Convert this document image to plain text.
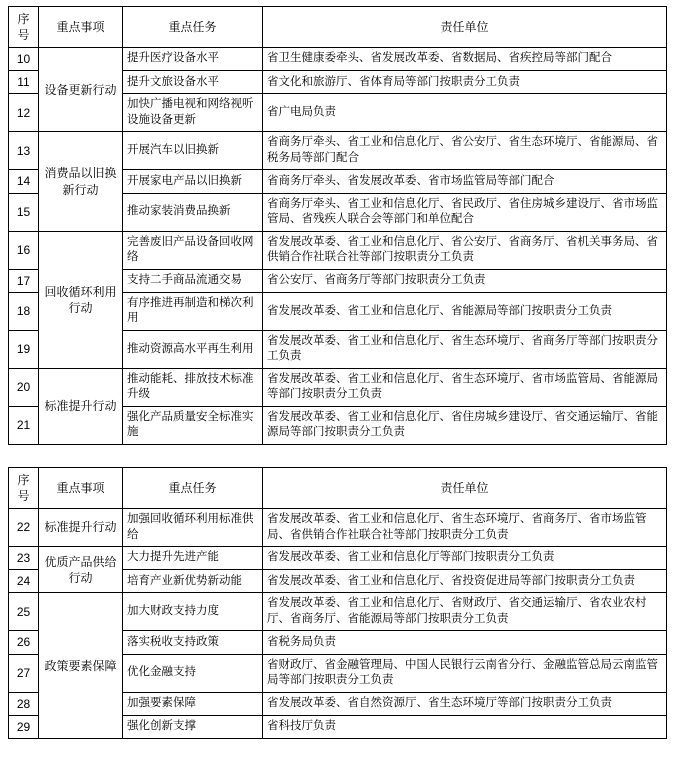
序号	重点事项	重点任务	责任单位
10	设备更新行动	提升医疗设备水平	省卫生健康委牵头、省发展改革委、省数据局、省疾控局等部门配合
11		提升文旅设备水平	省文化和旅游厅、省体育局等部门按职责分工负责
12		加快广播电视和网络视听设施设备更新	省广电局负责
13	消费品以旧换新行动	开展汽车以旧换新	省商务厅牵头、省工业和信息化厅、省公安厅、省生态环境厅、省能源局、省税务局等部门配合
14		开展家电产品以旧换新	省商务厅牵头、省发展改革委、省市场监管局等部门配合
15		推动家装消费品换新	省商务厅牵头、省工业和信息化厅、省民政厅、省住房城乡建设厅、省市场监管局、省残疾人联合会等部门和单位配合
16	回收循环利用行动	完善废旧产品设备回收网络	省发展改革委、省工业和信息化厅、省公安厅、省商务厅、省机关事务局、省供销合作社联合社等部门按职责分工负责
17		支持二手商品流通交易	省公安厅、省商务厅等部门按职责分工负责
18		有序推进再制造和梯次利用	省发展改革委、省工业和信息化厅、省能源局等部门按职责分工负责
19		推动资源高水平再生利用	省发展改革委、省工业和信息化厅、省生态环境厅、省商务厅等部门按职责分工负责
20	标准提升行动	推动能耗、排放技术标准升级	省发展改革委、省工业和信息化厅、省生态环境厅、省市场监管局、省能源局等部门按职责分工负责
21		强化产品质量安全标准实施	省发展改革委、省工业和信息化厅、省住房城乡建设厅、省交通运输厅、省能源局等部门按职责分工负责
序号	重点事项	重点任务	责任单位
22	标准提升行动	加强回收循环利用标准供给	省发展改革委、省工业和信息化厅、省生态环境厅、省商务厅、省市场监管局、省供销合作社联合社等部门按职责分工负责
23	优质产品供给行动	大力提升先进产能	省发展改革委、省工业和信息化厅等部门按职责分工负责
24		培育产业新优势新动能	省发展改革委、省工业和信息化厅、省投资促进局等部门按职责分工负责
25	政策要素保障	加大财政支持力度	省发展改革委、省工业和信息化厅、省财政厅、省交通运输厅、省农业农村厅、省商务厅、省能源局等部门按职责分工负责
26		落实税收支持政策	省税务局负责
27		优化金融支持	省财政厅、省金融管理局、中国人民银行云南省分行、金融监管总局云南监管局等部门按职责分工负责
28		加强要素保障	省发展改革委、省自然资源厅、省生态环境厅等部门按职责分工负责
29		强化创新支撑	省科技厅负责
